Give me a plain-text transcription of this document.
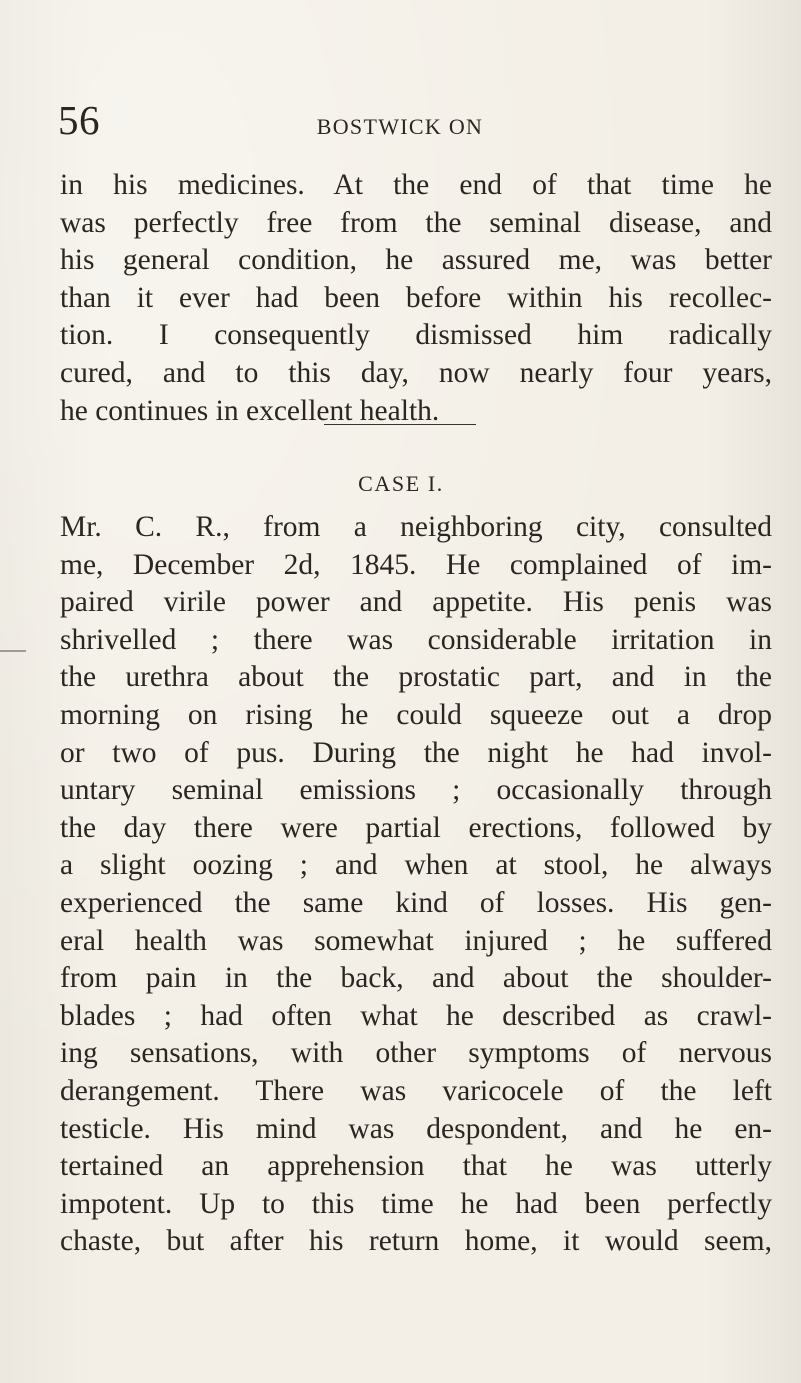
56	BOSTWICK ON
in his medicines. At the end of that time he
was perfectly free from the seminal disease, and
his general condition, he assured me, was better
than it ever had been before within his recollec-
tion. I consequently dismissed him radically
cured, and to this day, now nearly four years,
he continues in excellent health.
CASE I.
Mr. C. R., from a neighboring city, consulted
me, December 2d, 1845. He complained of im-
paired virile power and appetite. His penis was
shrivelled ; there was considerable irritation in
the urethra about the prostatic part, and in the
morning on rising he could squeeze out a drop
or two of pus. During the night he had invol-
untary seminal emissions ; occasionally through
the day there were partial erections, followed by
a slight oozing ; and when at stool, he always
experienced the same kind of losses. His gen-
eral health was somewhat injured ; he suffered
from pain in the back, and about the shoulder-
blades ; had often what he described as crawl-
ing sensations, with other symptoms of nervous
derangement. There was varicocele of the left
testicle. His mind was despondent, and he en-
tertained an apprehension that he was utterly
impotent. Up to this time he had been perfectly
chaste, but after his return home, it would seem,
